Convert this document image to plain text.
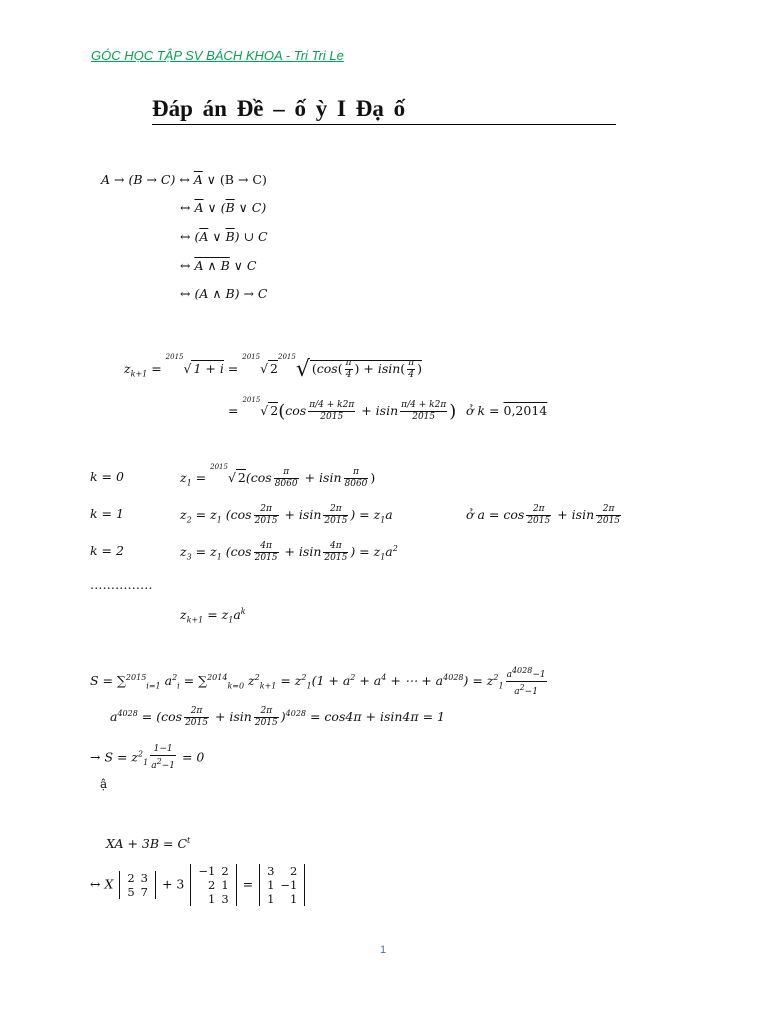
GÓC HỌC TẬP SV BÁCH KHOA - Tri Tri Le
Đáp án Đề – ố ỳ I Đạ ố
A → (B → C) ↔ $\overline{A}$ ∨ (B → C)
↔ $\overline{A}$ ∨ ($\overline{B}$ ∨ C)
↔ ($\overline{A}$ ∨ $\overline{B}$) ∪ C
↔ A ∧ B ∨ C
↔ (A ∧ B) → C
$z_{k+1} = ^{2015}√$ 1 + i = $^{2015}$√ $2^{2015}√$ ($\cos( \frac{\pi}{4}$ ) + $isin( \frac{\pi}{4}$ )
= $^{2015}$√ $2(\cos \frac{\pi/4 + k2\pi}{2015} + isin \frac{\pi/4 + k2\pi}{2015}$ ) ở k = 0,2014
k = 0	$z_1 = ^{2015}√$ $2(\cos \frac{\pi}{8060} + isin \frac{\pi}{8060}$ )
k = 1	$z_2 = z_1$ ($\cos \frac{2\pi}{2015} + isin \frac{2\pi}{2015}$ ) = $z_1a$	ở $a = \cos \frac{2\pi}{2015} + isin \frac{2\pi}{2015}$
k = 2	$z_3 = z_1$ ($\cos \frac{4\pi}{2015} + isin \frac{4\pi}{2015}$ ) = $z_1a^2$
……………
$z_{k+1} = z_1a^k$
S = ∑$^{2015}_{i=1}$ $a^2_i = \sum^{2014}_{k=0}$ $z^2_{k+1} = z^2_1(1 + a^2 + a^4$ + ⋯ + $a^{4028}) = z^2_1 \frac{a^{4028}-1}{a^2-1}$
$a^{4028} = (\cos \frac{2\pi}{2015} + isin \frac{2\pi}{2015} )^{4028} = \cos 4\pi + isin4\pi = 1$
→ $S = z^2_1 \frac{1-1}{a^2-1} = 0$
ậ
XA + $3B = C^t$
↔ X 2	3
5	7
+ 3
−1	2
2	1
1	3
=
3	2
1	−1
1	1
1
